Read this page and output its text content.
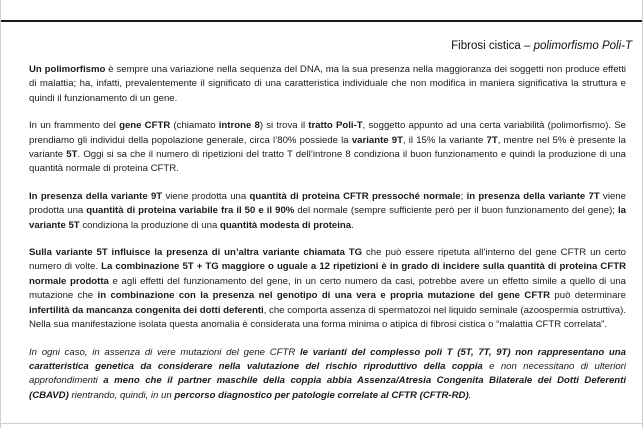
Fibrosi cistica – polimorfismo Poli-T

Un polimorfismo è sempre una variazione nella sequenza del DNA, ma la sua presenza nella maggioranza dei soggetti non produce effetti di malattia; ha, infatti, prevalentemente il significato di una caratteristica individuale che non modifica in maniera significativa la struttura e quindi il funzionamento di un gene.

In un frammento del gene CFTR (chiamato introne 8) si trova il tratto Poli-T, soggetto appunto ad una certa variabilità (polimorfismo). Se prendiamo gli individui della popolazione generale, circa l’80% possiede la variante 9T, il 15% la variante 7T, mentre nel 5% è presente la variante 5T. Oggi si sa che il numero di ripetizioni del tratto T dell’introne 8 condiziona il buon funzionamento e quindi la produzione di una quantità normale di proteina CFTR.

In presenza della variante 9T viene prodotta una quantità di proteina CFTR pressoché normale; in presenza della variante 7T viene prodotta una quantità di proteina variabile fra il 50 e il 90% del normale (sempre sufficiente però per il buon funzionamento del gene); la variante 5T condiziona la produzione di una quantità modesta di proteina.

Sulla variante 5T influisce la presenza di un’altra variante chiamata TG che può essere ripetuta all’interno del gene CFTR un certo numero di volte. La combinazione 5T + TG maggiore o uguale a 12 ripetizioni è in grado di incidere sulla quantità di proteina CFTR normale prodotta e agli effetti del funzionamento del gene, in un certo numero da casi, potrebbe avere un effetto simile a quello di una mutazione che in combinazione con la presenza nel genotipo di una vera e propria mutazione del gene CFTR può determinare infertilità da mancanza congenita dei dotti deferenti, che comporta assenza di spermatozoi nel liquido seminale (azoospermia ostruttiva). Nella sua manifestazione isolata questa anomalia è considerata una forma minima o atipica di fibrosi cistica o “malattia CFTR correlata”.

In ogni caso, in assenza di vere mutazioni del gene CFTR le varianti del complesso poli T (5T, 7T, 9T) non rappresentano una caratteristica genetica da considerare nella valutazione del rischio riproduttivo della coppia e non necessitano di ulteriori approfondimenti a meno che il partner maschile della coppia abbia Assenza/Atresia Congenita Bilaterale dei Dotti Deferenti (CBAVD) rientrando, quindi, in un percorso diagnostico per patologie correlate al CFTR (CFTR-RD).
